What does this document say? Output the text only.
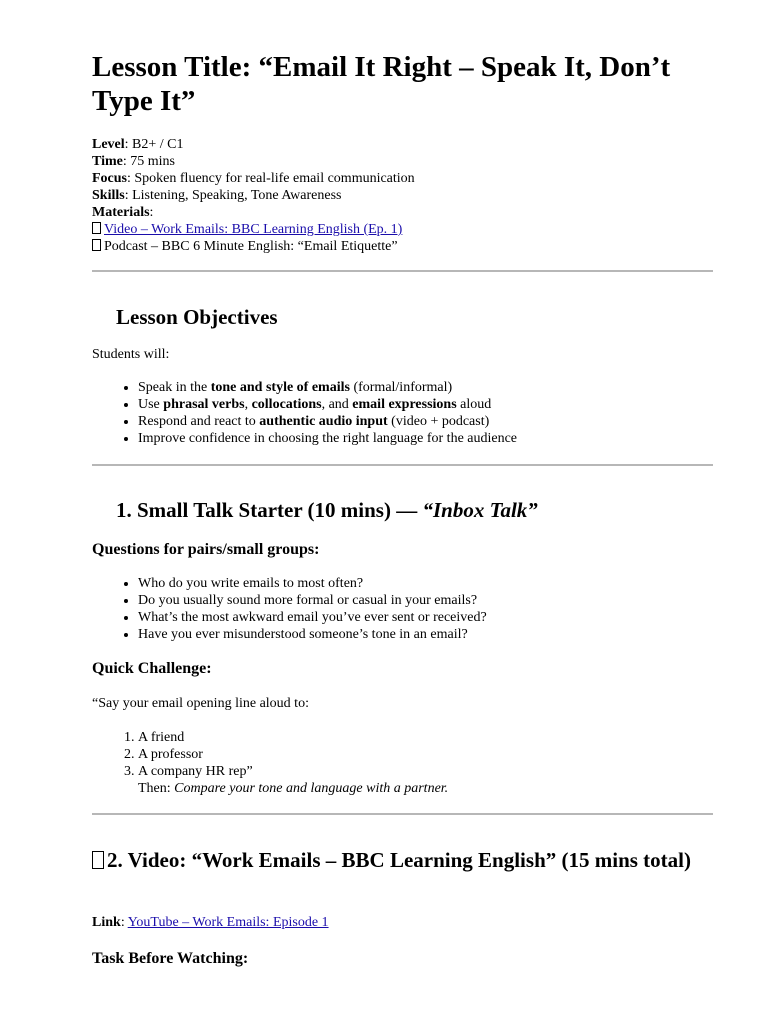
Lesson Title: “Email It Right – Speak It, Don’t Type It”
Level: B2+ / C1
Time: 75 mins
Focus: Spoken fluency for real-life email communication
Skills: Listening, Speaking, Tone Awareness
Materials:
Video – Work Emails: BBC Learning English (Ep. 1)
Podcast – BBC 6 Minute English: “Email Etiquette”
Lesson Objectives

Students will:

• Speak in the tone and style of emails (formal/informal)
• Use phrasal verbs, collocations, and email expressions aloud
• Respond and react to authentic audio input (video + podcast)
• Improve confidence in choosing the right language for the audience
1. Small Talk Starter (10 mins) — “Inbox Talk”
Questions for pairs/small groups:
• Who do you write emails to most often?
• Do you usually sound more formal or casual in your emails?
• What’s the most awkward email you’ve ever sent or received?
• Have you ever misunderstood someone’s tone in an email?
Quick Challenge:

“Say your email opening line aloud to:

1. A friend
2. A professor
3. A company HR rep”

Then: Compare your tone and language with a partner.

2. Video: “Work Emails – BBC Learning English” (15 mins total)

Link: YouTube – Work Emails: Episode 1

Task Before Watching:
